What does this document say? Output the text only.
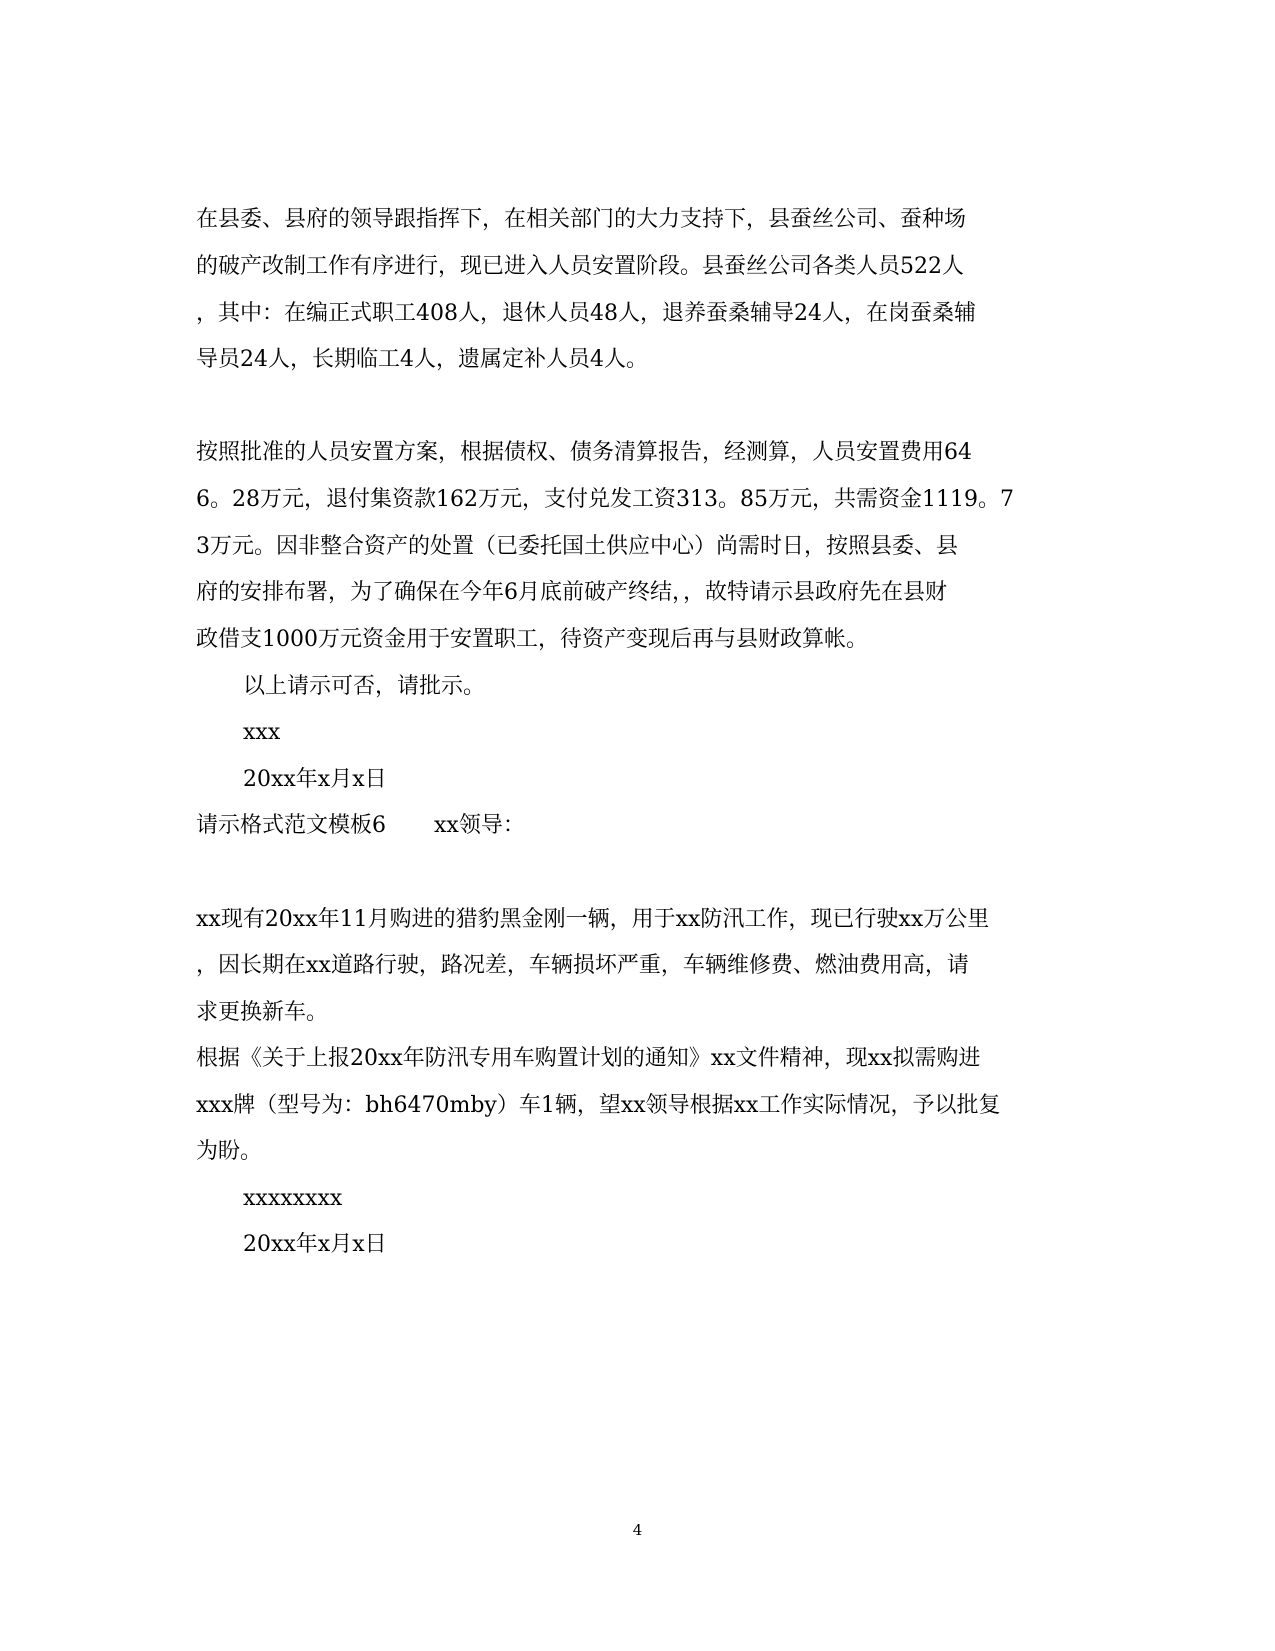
在县委、县府的领导跟指挥下，在相关部门的大力支持下，县蚕丝公司、蚕种场
的破产改制工作有序进行，现已进入人员安置阶段。县蚕丝公司各类人员522人
，其中：在编正式职工408人，退休人员48人，退养蚕桑辅导24人，在岗蚕桑辅
导员24人，长期临工4人，遗属定补人员4人。
按照批准的人员安置方案，根据债权、债务清算报告，经测算，人员安置费用64
6。28万元，退付集资款162万元，支付兑发工资313。85万元，共需资金1119。7
3万元。因非整合资产的处置（已委托国土供应中心）尚需时日，按照县委、县
府的安排布署，为了确保在今年6月底前破产终结，，故特请示县政府先在县财
政借支1000万元资金用于安置职工，待资产变现后再与县财政算帐。
以上请示可否，请批示。
xxx
20xx年x月x日
请示格式范文模板6 xx领导：
xx现有20xx年11月购进的猎豹黑金刚一辆，用于xx防汛工作，现已行驶xx万公里
，因长期在xx道路行驶，路况差，车辆损坏严重，车辆维修费、燃油费用高，请
求更换新车。
根据《关于上报20xx年防汛专用车购置计划的通知》xx文件精神，现xx拟需购进
xxx牌（型号为：bh6470mby）车1辆，望xx领导根据xx工作实际情况，予以批复
为盼。
xxxxxxxx
20xx年x月x日
4
